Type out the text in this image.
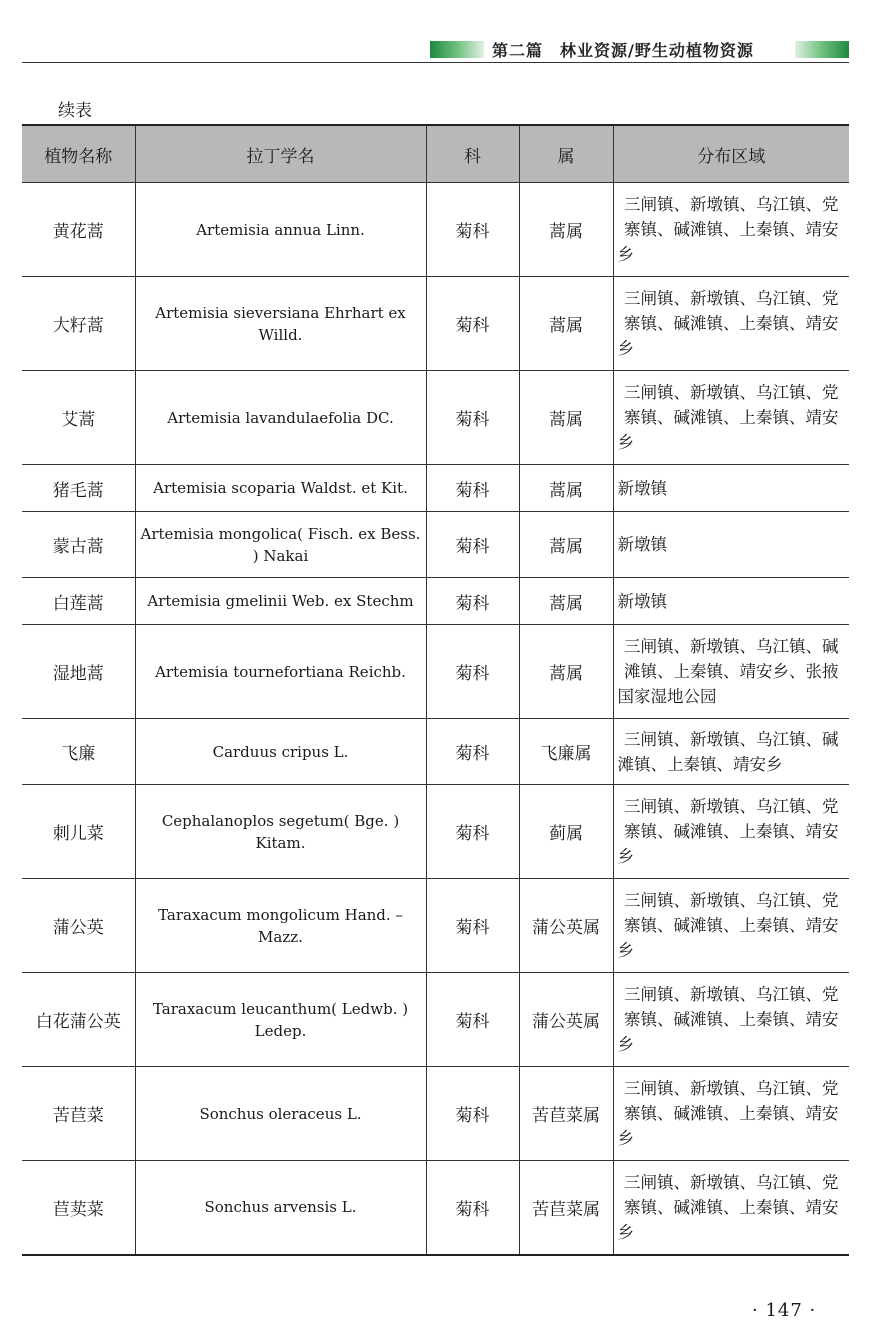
第二篇　林业资源/野生动植物资源
续表
植物名称	拉丁学名	科	属	分布区域
黄花蒿	Artemisia annua Linn.	菊科	蒿属	三闸镇、新墩镇、乌江镇、党寨镇、碱滩镇、上秦镇、靖安乡
大籽蒿	Artemisia sieversiana Ehrhart ex Willd.	菊科	蒿属	三闸镇、新墩镇、乌江镇、党寨镇、碱滩镇、上秦镇、靖安乡
艾蒿	Artemisia lavandulaefolia DC.	菊科	蒿属	三闸镇、新墩镇、乌江镇、党寨镇、碱滩镇、上秦镇、靖安乡
猪毛蒿	Artemisia scoparia Waldst. et Kit.	菊科	蒿属	新墩镇
蒙古蒿	Artemisia mongolica( Fisch. ex Bess. ) Nakai	菊科	蒿属	新墩镇
白莲蒿	Artemisia gmelinii Web. ex Stechm	菊科	蒿属	新墩镇
湿地蒿	Artemisia tournefortiana Reichb.	菊科	蒿属	三闸镇、新墩镇、乌江镇、碱滩镇、上秦镇、靖安乡、张掖国家湿地公园
飞廉	Carduus cripus L.	菊科	飞廉属	三闸镇、新墩镇、乌江镇、碱滩镇、上秦镇、靖安乡
刺儿菜	Cephalanoplos segetum( Bge. ) Kitam.	菊科	蓟属	三闸镇、新墩镇、乌江镇、党寨镇、碱滩镇、上秦镇、靖安乡
蒲公英	Taraxacum mongolicum Hand. – Mazz.	菊科	蒲公英属	三闸镇、新墩镇、乌江镇、党寨镇、碱滩镇、上秦镇、靖安乡
白花蒲公英	Taraxacum leucanthum( Ledwb. ) Ledep.	菊科	蒲公英属	三闸镇、新墩镇、乌江镇、党寨镇、碱滩镇、上秦镇、靖安乡
苦苣菜	Sonchus oleraceus L.	菊科	苦苣菜属	三闸镇、新墩镇、乌江镇、党寨镇、碱滩镇、上秦镇、靖安乡
苣荬菜	Sonchus arvensis L.	菊科	苦苣菜属	三闸镇、新墩镇、乌江镇、党寨镇、碱滩镇、上秦镇、靖安乡
· 147 ·
